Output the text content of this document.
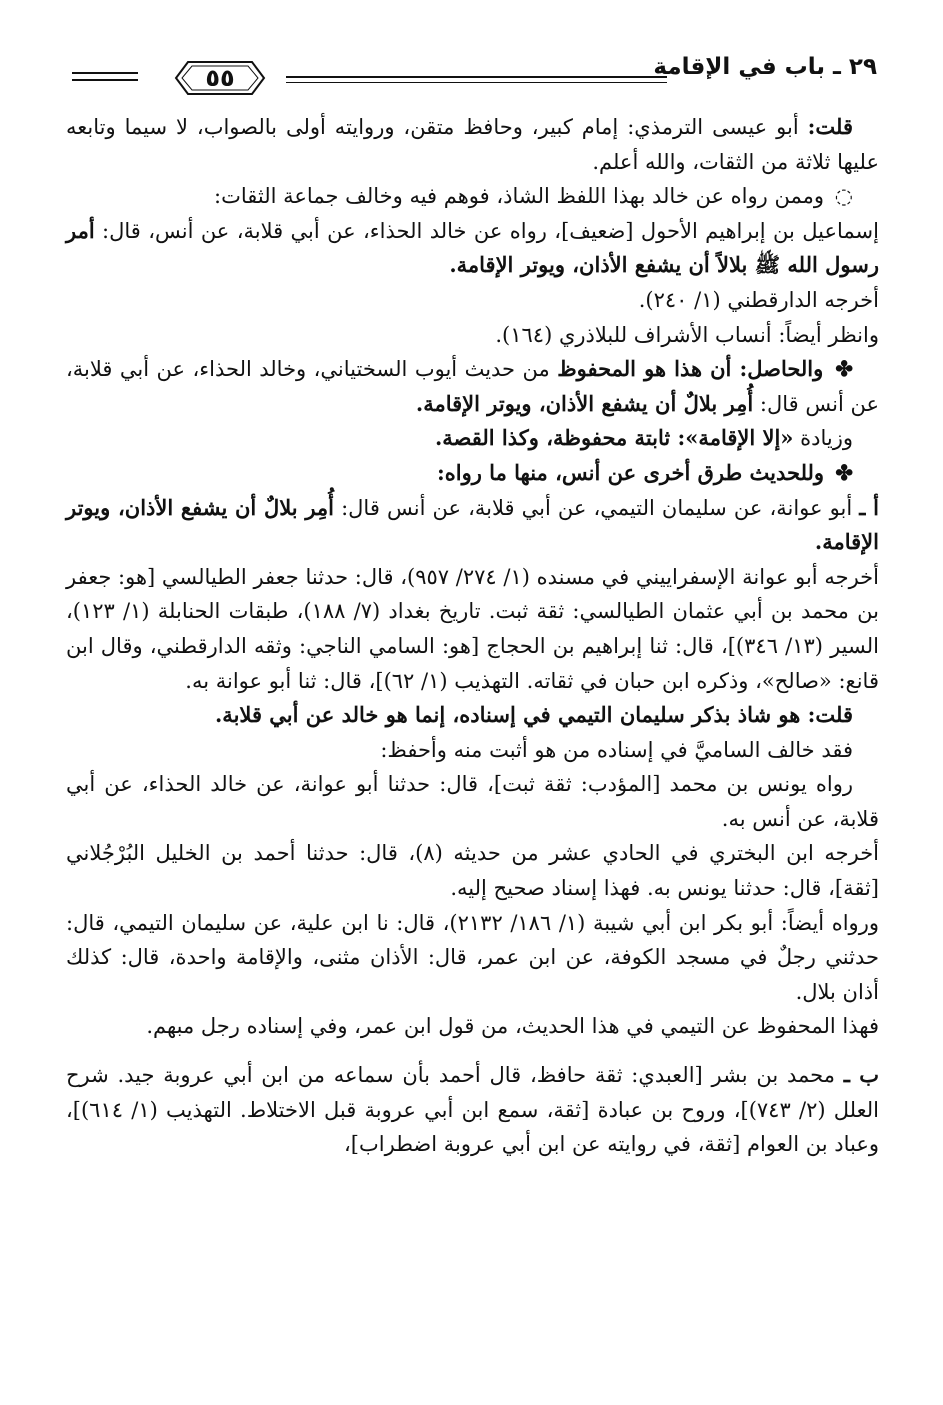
٢٩ ـ باب في الإقامة
٥٥

قلت: أبو عيسى الترمذي: إمام كبير، وحافظ متقن، وروايته أولى بالصواب، لا سيما وتابعه عليها ثلاثة من الثقات، والله أعلم.

◌ وممن رواه عن خالد بهذا اللفظ الشاذ، فوهم فيه وخالف جماعة الثقات:

إسماعيل بن إبراهيم الأحول [ضعيف]، رواه عن خالد الحذاء، عن أبي قلابة، عن أنس، قال: أمر رسول الله ﷺ بلالاً أن يشفع الأذان، ويوتر الإقامة.

أخرجه الدارقطني (١/ ٢٤٠).

وانظر أيضاً: أنساب الأشراف للبلاذري (١٦٤).

✤ والحاصل: أن هذا هو المحفوظ من حديث أيوب السختياني، وخالد الحذاء، عن أبي قلابة، عن أنس قال: أُمِر بلالٌ أن يشفع الأذان، ويوتر الإقامة.

وزيادة «إلا الإقامة»: ثابتة محفوظة، وكذا القصة.

✤ وللحديث طرق أخرى عن أنس، منها ما رواه:

أ ـ أبو عوانة، عن سليمان التيمي، عن أبي قلابة، عن أنس قال: أُمِر بلالٌ أن يشفع الأذان، ويوتر الإقامة.

أخرجه أبو عوانة الإسفراييني في مسنده (١/ ٢٧٤/ ٩٥٧)، قال: حدثنا جعفر الطيالسي [هو: جعفر بن محمد بن أبي عثمان الطيالسي: ثقة ثبت. تاريخ بغداد (٧/ ١٨٨)، طبقات الحنابلة (١/ ١٢٣)، السير (١٣/ ٣٤٦)]، قال: ثنا إبراهيم بن الحجاج [هو: السامي الناجي: وثقه الدارقطني، وقال ابن قانع: «صالح»، وذكره ابن حبان في ثقاته. التهذيب (١/ ٦٢)]، قال: ثنا أبو عوانة به.

قلت: هو شاذ بذكر سليمان التيمي في إسناده، إنما هو خالد عن أبي قلابة.

فقد خالف الساميَّ في إسناده من هو أثبت منه وأحفظ:

رواه يونس بن محمد [المؤدب: ثقة ثبت]، قال: حدثنا أبو عوانة، عن خالد الحذاء، عن أبي قلابة، عن أنس به.

أخرجه ابن البختري في الحادي عشر من حديثه (٨)، قال: حدثنا أحمد بن الخليل البُرْجُلاني [ثقة]، قال: حدثنا يونس به. فهذا إسناد صحيح إليه.

ورواه أيضاً: أبو بكر ابن أبي شيبة (١/ ١٨٦/ ٢١٣٢)، قال: نا ابن علية، عن سليمان التيمي، قال: حدثني رجلٌ في مسجد الكوفة، عن ابن عمر، قال: الأذان مثنى، والإقامة واحدة، قال: كذلك أذان بلال.

فهذا المحفوظ عن التيمي في هذا الحديث، من قول ابن عمر، وفي إسناده رجل مبهم.

ب ـ محمد بن بشر [العبدي: ثقة حافظ، قال أحمد بأن سماعه من ابن أبي عروبة جيد. شرح العلل (٢/ ٧٤٣)]، وروح بن عبادة [ثقة، سمع ابن أبي عروبة قبل الاختلاط. التهذيب (١/ ٦١٤)]، وعباد بن العوام [ثقة، في روايته عن ابن أبي عروبة اضطراب]،
